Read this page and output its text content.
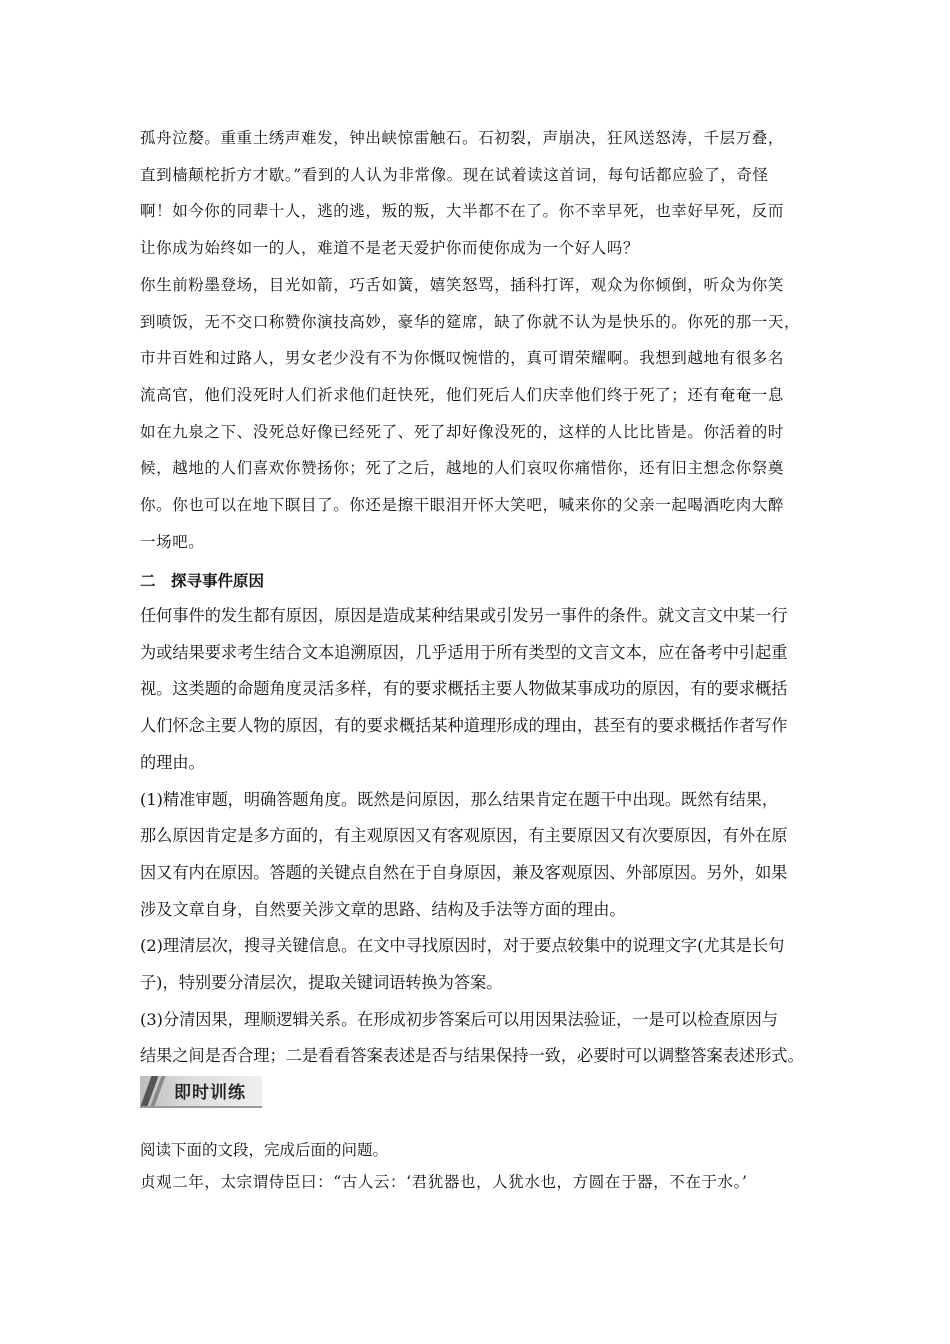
孤舟泣嫠。重重土绣声难发，钟出峡惊雷触石。石初裂，声崩决，狂风送怒涛，千层万叠，

直到樯颠柁折方才歇。”看到的人认为非常像。现在试着读这首词，每句话都应验了，奇怪

啊！如今你的同辈十人，逃的逃，叛的叛，大半都不在了。你不幸早死，也幸好早死，反而

让你成为始终如一的人，难道不是老天爱护你而使你成为一个好人吗？

你生前粉墨登场，目光如箭，巧舌如簧，嬉笑怒骂，插科打诨，观众为你倾倒，听众为你笑

到喷饭，无不交口称赞你演技高妙，豪华的筵席，缺了你就不认为是快乐的。你死的那一天，

市井百姓和过路人，男女老少没有不为你慨叹惋惜的，真可谓荣耀啊。我想到越地有很多名

流高官，他们没死时人们祈求他们赶快死，他们死后人们庆幸他们终于死了；还有奄奄一息

如在九泉之下、没死总好像已经死了、死了却好像没死的，这样的人比比皆是。你活着的时

候，越地的人们喜欢你赞扬你；死了之后，越地的人们哀叹你痛惜你，还有旧主想念你祭奠

你。你也可以在地下瞑目了。你还是擦干眼泪开怀大笑吧，喊来你的父亲一起喝酒吃肉大醉

一场吧。

二　探寻事件原因

任何事件的发生都有原因，原因是造成某种结果或引发另一事件的条件。就文言文中某一行

为或结果要求考生结合文本追溯原因，几乎适用于所有类型的文言文本，应在备考中引起重

视。这类题的命题角度灵活多样，有的要求概括主要人物做某事成功的原因，有的要求概括

人们怀念主要人物的原因，有的要求概括某种道理形成的理由，甚至有的要求概括作者写作

的理由。

(1)精准审题，明确答题角度。既然是问原因，那么结果肯定在题干中出现。既然有结果，

那么原因肯定是多方面的，有主观原因又有客观原因，有主要原因又有次要原因，有外在原

因又有内在原因。答题的关键点自然在于自身原因，兼及客观原因、外部原因。另外，如果

涉及文章自身，自然要关涉文章的思路、结构及手法等方面的理由。

(2)理清层次，搜寻关键信息。在文中寻找原因时，对于要点较集中的说理文字(尤其是长句

子)，特别要分清层次，提取关键词语转换为答案。

(3)分清因果，理顺逻辑关系。在形成初步答案后可以用因果法验证，一是可以检查原因与

结果之间是否合理；二是看看答案表述是否与结果保持一致，必要时可以调整答案表述形式。

即时训练
阅读下面的文段，完成后面的问题。
贞观二年，太宗谓侍臣曰：“古人云：‘君犹器也，人犹水也，方圆在于器，不在于水。’
